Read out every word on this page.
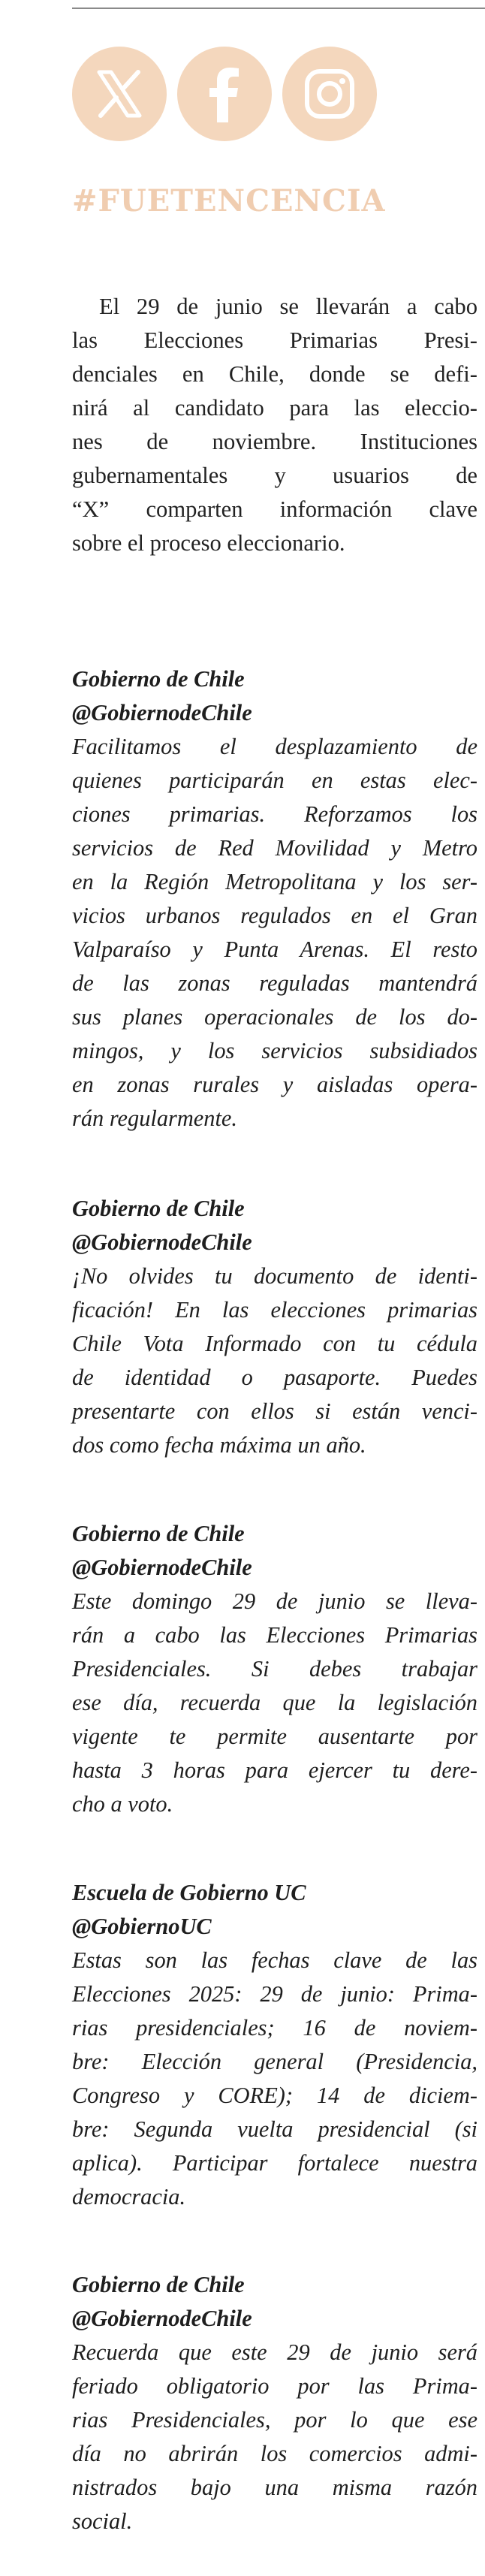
#FUETENCENCIA
El 29 de junio se llevarán a cabo
las Elecciones Primarias Presi-
denciales en Chile, donde se defi-
nirá al candidato para las eleccio-
nes de noviembre. Instituciones
gubernamentales y usuarios de
“X” comparten información clave
sobre el proceso eleccionario.
Gobierno de Chile
@GobiernodeChile
Facilitamos el desplazamiento de
quienes participarán en estas elec-
ciones primarias. Reforzamos los
servicios de Red Movilidad y Metro
en la Región Metropolitana y los ser-
vicios urbanos regulados en el Gran
Valparaíso y Punta Arenas. El resto
de las zonas reguladas mantendrá
sus planes operacionales de los do-
mingos, y los servicios subsidiados
en zonas rurales y aisladas opera-
rán regularmente.
Gobierno de Chile
@GobiernodeChile
¡No olvides tu documento de identi-
ficación! En las elecciones primarias
Chile Vota Informado con tu cédula
de identidad o pasaporte. Puedes
presentarte con ellos si están venci-
dos como fecha máxima un año.
Gobierno de Chile
@GobiernodeChile
Este domingo 29 de junio se lleva-
rán a cabo las Elecciones Primarias
Presidenciales. Si debes trabajar
ese día, recuerda que la legislación
vigente te permite ausentarte por
hasta 3 horas para ejercer tu dere-
cho a voto.
Escuela de Gobierno UC
@GobiernoUC
Estas son las fechas clave de las
Elecciones 2025: 29 de junio: Prima-
rias presidenciales; 16 de noviem-
bre: Elección general (Presidencia,
Congreso y CORE); 14 de diciem-
bre: Segunda vuelta presidencial (si
aplica). Participar fortalece nuestra
democracia.
Gobierno de Chile
@GobiernodeChile
Recuerda que este 29 de junio será
feriado obligatorio por las Prima-
rias Presidenciales, por lo que ese
día no abrirán los comercios admi-
nistrados bajo una misma razón
social.
